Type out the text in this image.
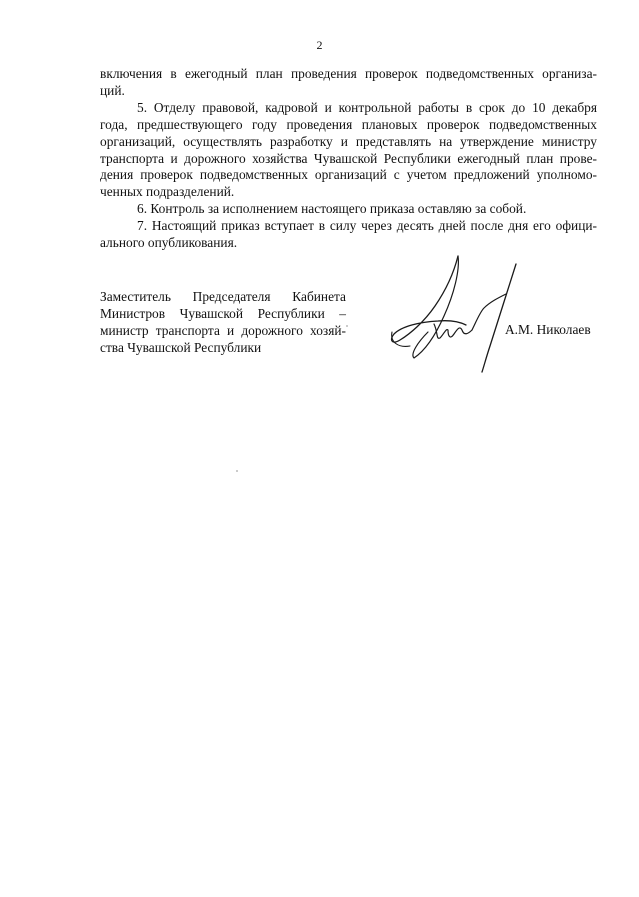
2
включения в ежегодный план проведения проверок подведомственных организа-
ций.
5. Отделу правовой, кадровой и контрольной работы в срок до 10 декабря
года, предшествующего году проведения плановых проверок подведомственных
организаций, осуществлять разработку и представлять на утверждение министру
транспорта и дорожного хозяйства Чувашской Республики ежегодный план прове-
дения проверок подведомственных организаций с учетом предложений уполномо-
ченных подразделений.
6. Контроль за исполнением настоящего приказа оставляю за собой.
7. Настоящий приказ вступает в силу через десять дней после дня его офици-
ального опубликования.
Заместитель Председателя Кабинета
Министров Чувашской Республики –
министр транспорта и дорожного хозяй-
ства Чувашской Республики
А.М. Николаев
